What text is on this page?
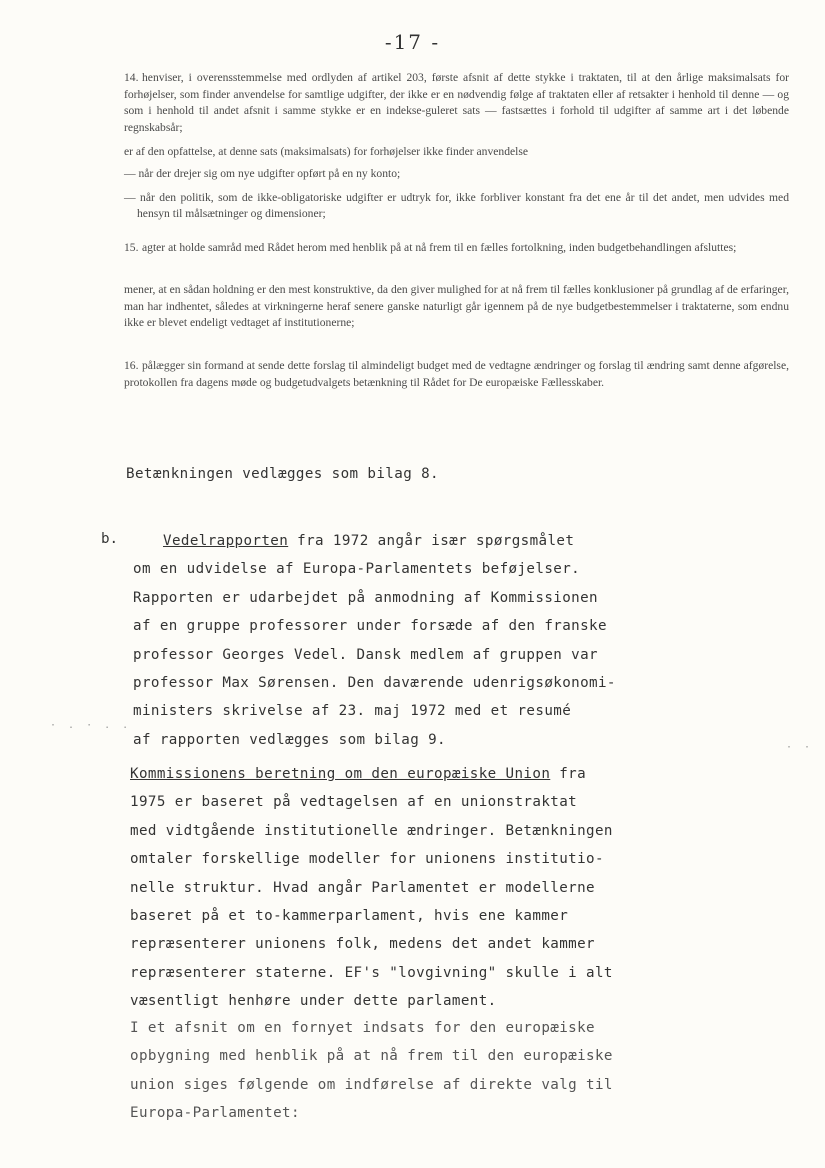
-17 -

14. henviser, i overensstemmelse med ordlyden af artikel 203, første afsnit af dette stykke i traktaten, til at den årlige maksimalsats for forhøjelser, som finder anvendelse for samtlige udgifter, der ikke er en nødvendig følge af traktaten eller af retsakter i henhold til denne — og som i henhold til andet afsnit i samme stykke er en indekse-guleret sats — fastsættes i forhold til udgifter af samme art i det løbende regnskabsår;

er af den opfattelse, at denne sats (maksimalsats) for forhøjelser ikke finder anvendelse

— når der drejer sig om nye udgifter opført på en ny konto;

— når den politik, som de ikke-obligatoriske udgifter er udtryk for, ikke forbliver konstant fra det ene år til det andet, men udvides med hensyn til målsætninger og dimensioner;

15. agter at holde samråd med Rådet herom med henblik på at nå frem til en fælles fortolkning, inden budgetbehandlingen afsluttes;

mener, at en sådan holdning er den mest konstruktive, da den giver mulighed for at nå frem til fælles konklusioner på grundlag af de erfaringer, man har indhentet, således at virkningerne heraf senere ganske naturligt går igennem på de nye budgetbestemmelser i traktaterne, som endnu ikke er blevet endeligt vedtaget af institutionerne;

16. pålægger sin formand at sende dette forslag til almindeligt budget med de vedtagne ændringer og forslag til ændring samt denne afgørelse, protokollen fra dagens møde og budgetudvalgets betænkning til Rådet for De europæiske Fællesskaber.

Betænkningen vedlægges som bilag 8.
b.	Vedelrapporten fra 1972 angår især spørgsmålet
om en udvidelse af Europa-Parlamentets beføjelser.
Rapporten er udarbejdet på anmodning af Kommissionen
af en gruppe professorer under forsæde af den franske
professor Georges Vedel. Dansk medlem af gruppen var
professor Max Sørensen. Den daværende udenrigsøkonomi-
ministers skrivelse af 23. maj 1972 med et resumé
af rapporten vedlægges som bilag 9.
· . · . .
· ·
Kommissionens beretning om den europæiske Union fra
1975 er baseret på vedtagelsen af en unionstraktat
med vidtgående institutionelle ændringer. Betænkningen
omtaler forskellige modeller for unionens institutio-
nelle struktur. Hvad angår Parlamentet er modellerne
baseret på et to-kammerparlament, hvis ene kammer
repræsenterer unionens folk, medens det andet kammer
repræsenterer staterne. EF's "lovgivning" skulle i alt
væsentligt henhøre under dette parlament.
I et afsnit om en fornyet indsats for den europæiske
opbygning med henblik på at nå frem til den europæiske
union siges følgende om indførelse af direkte valg til
Europa-Parlamentet:
